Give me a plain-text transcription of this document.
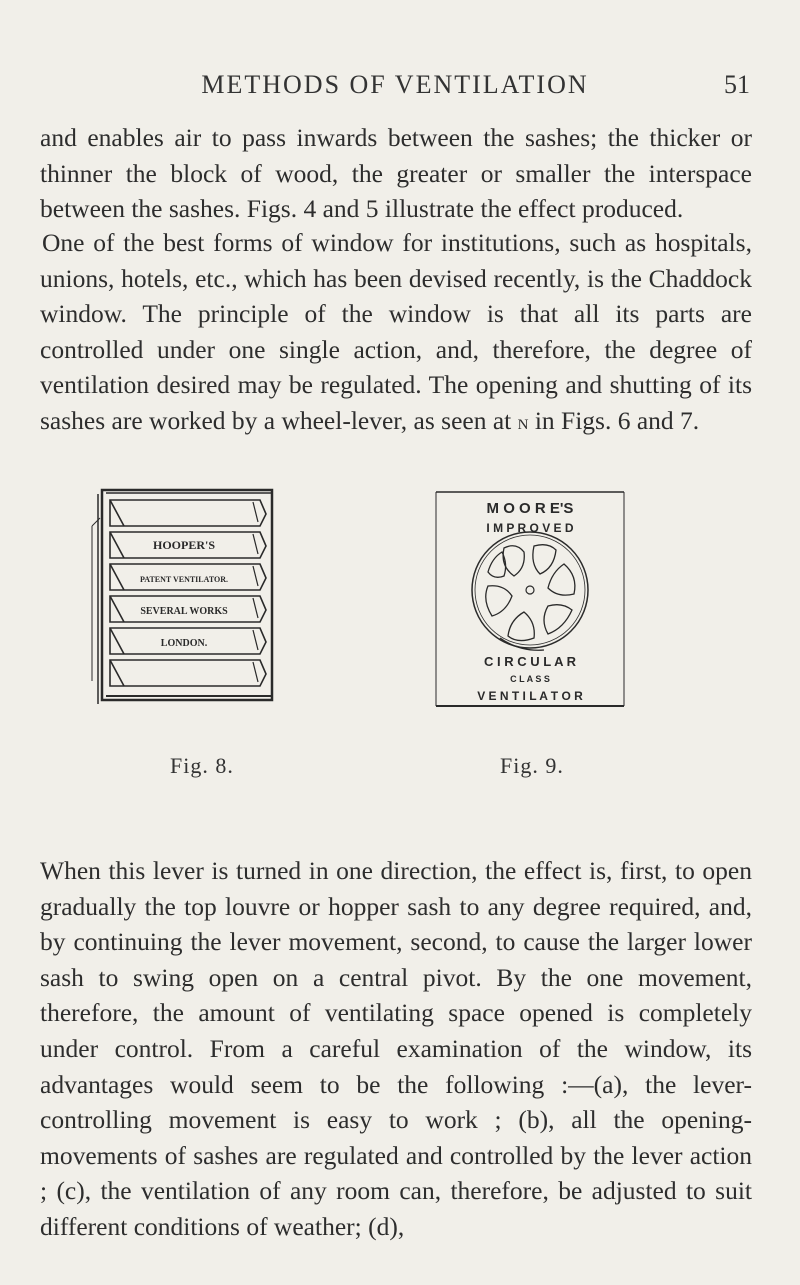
METHODS OF VENTILATION	51

and enables air to pass inwards between the sashes; the thicker or thinner the block of wood, the greater or smaller the interspace between the sashes. Figs. 4 and 5 illustrate the effect produced.

One of the best forms of window for institutions, such as hospitals, unions, hotels, etc., which has been devised recently, is the Chaddock window. The principle of the window is that all its parts are controlled under one single action, and, therefore, the degree of ventilation desired may be regulated. The opening and shutting of its sashes are worked by a wheel-lever, as seen at n in Figs. 6 and 7.

HOOPER'S
PATENT VENTILATOR.
SEVERAL WORKS
LONDON.
Fig. 8.
M O O R E'S
I M P R O V E D
C I R C U L A R
C L A S S
V E N T I L A T O R
Fig. 9.

When this lever is turned in one direction, the effect is, first, to open gradually the top louvre or hopper sash to any degree required, and, by continuing the lever movement, second, to cause the larger lower sash to swing open on a central pivot. By the one movement, therefore, the amount of ventilating space opened is completely under control. From a careful examination of the window, its advantages would seem to be the following :—(a), the lever-controlling movement is easy to work ; (b), all the opening-movements of sashes are regulated and controlled by the lever action ; (c), the ventilation of any room can, therefore, be adjusted to suit different conditions of weather; (d),
